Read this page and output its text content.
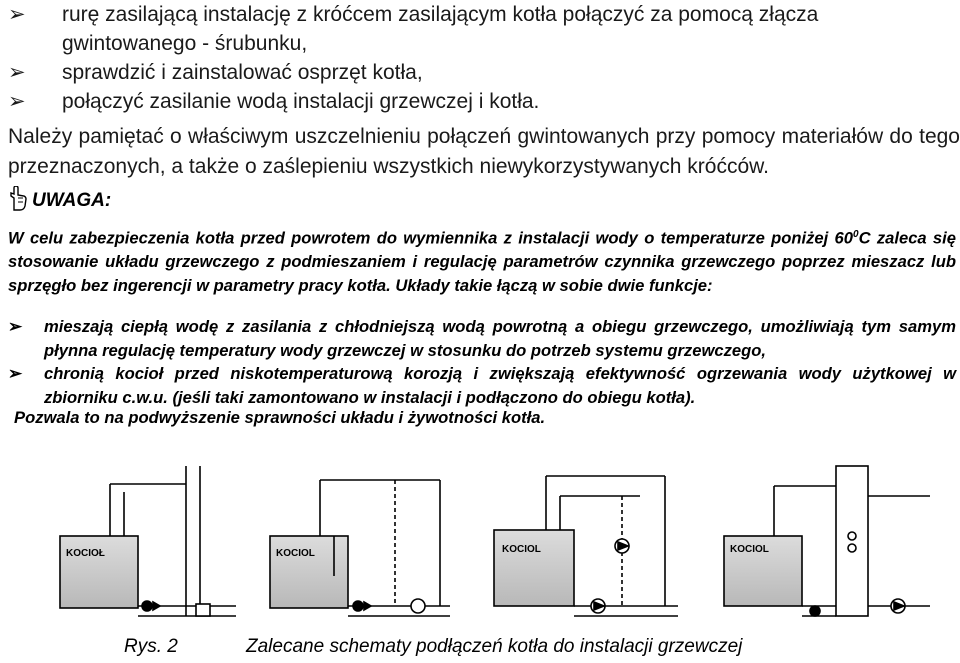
➢ rurę zasilającą instalację z króćcem zasilającym kotła połączyć za pomocą złącza gwintowanego - śrubunku,
➢ sprawdzić i zainstalować osprzęt kotła,
➢ połączyć zasilanie wodą instalacji grzewczej i kotła.
Należy pamiętać o właściwym uszczelnieniu połączeń gwintowanych przy pomocy materiałów do tego przeznaczonych, a także o zaślepieniu wszystkich niewykorzystywanych króćców.
UWAGA:
W celu zabezpieczenia kotła przed powrotem do wymiennika z instalacji wody o temperaturze poniżej $60^0C$ zaleca się stosowanie układu grzewczego z podmieszaniem i regulację parametrów czynnika grzewczego poprzez mieszacz lub sprzęgło bez ingerencji w parametry pracy kotła. Układy takie łączą w sobie dwie funkcje:
➢ mieszają ciepłą wodę z zasilania z chłodniejszą wodą powrotną a obiegu grzewczego, umożliwiają tym samym płynna regulację temperatury wody grzewczej w stosunku do potrzeb systemu grzewczego,
➢ chronią kocioł przed niskotemperaturową korozją i zwiększają efektywność ogrzewania wody użytkowej w zbiorniku c.w.u. (jeśli taki zamontowano w instalacji i podłączono do obiegu kotła).
Pozwala to na podwyższenie sprawności układu i żywotności kotła.
KOCIOŁ	KOCIOL	KOCIOL	KOCIOL
Rys. 2	Zalecane schematy podłączeń kotła do instalacji grzewczej
